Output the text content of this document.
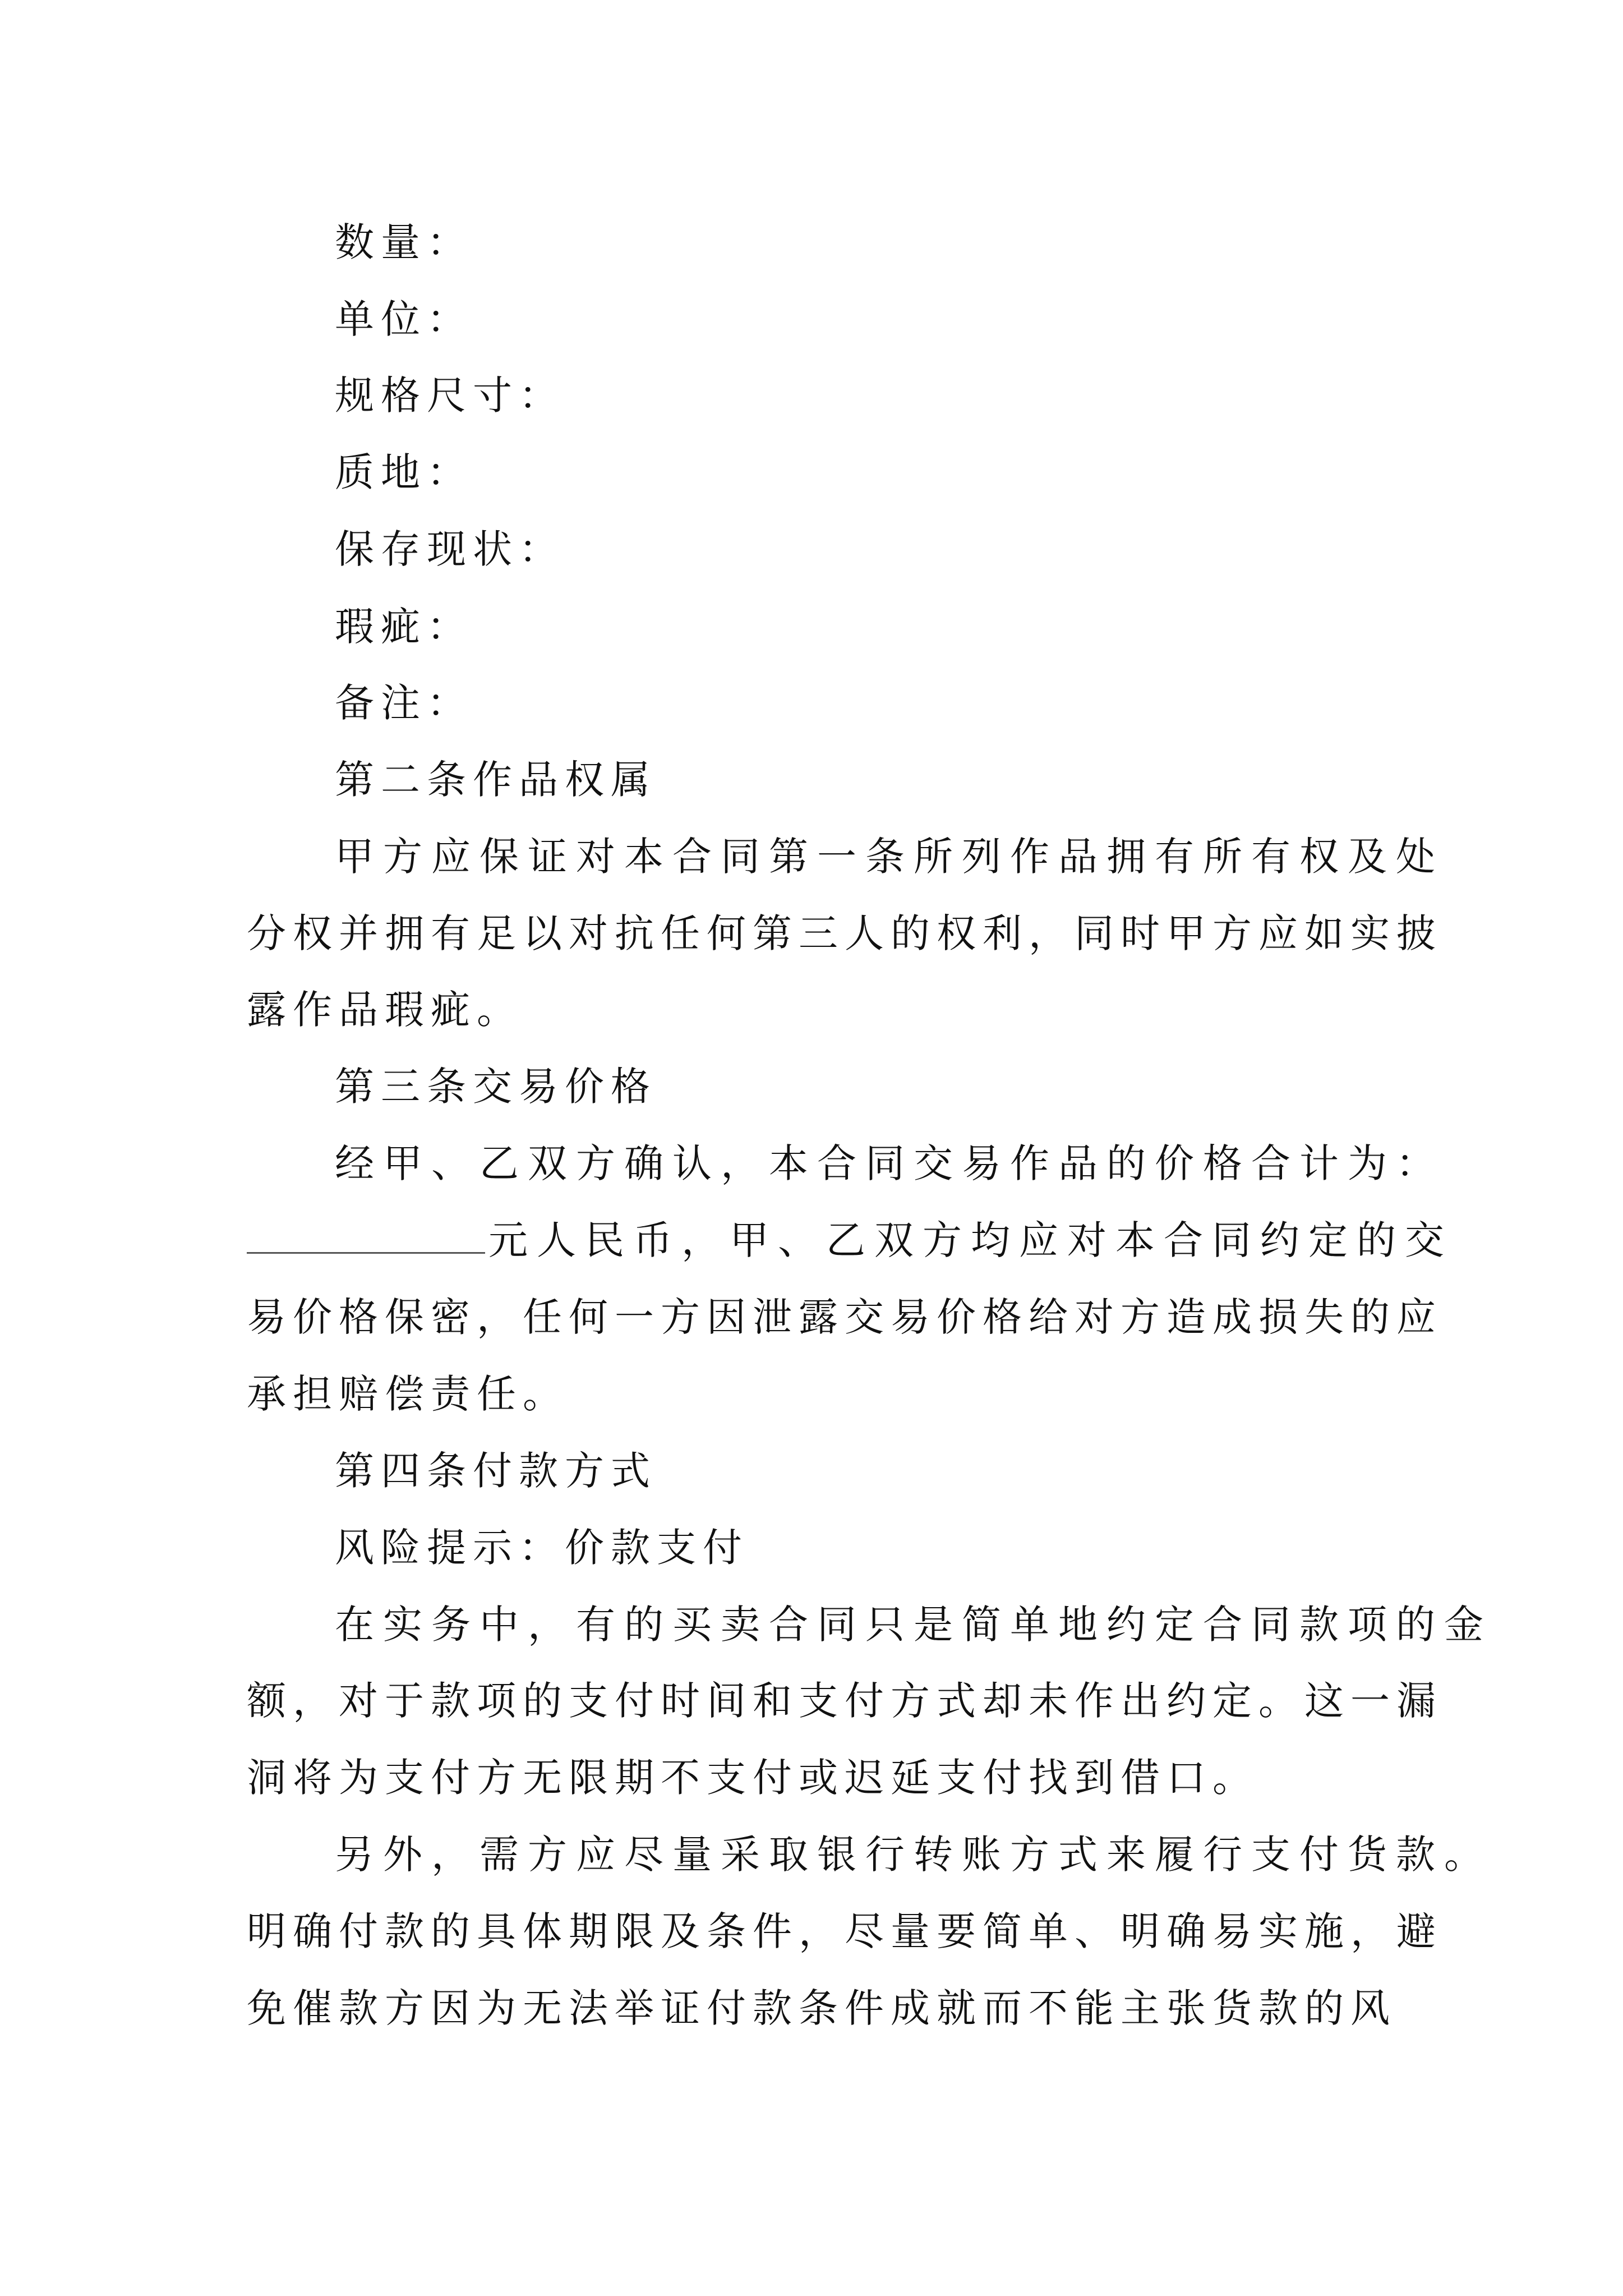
数量：
单位：
规格尺寸：
质地：
保存现状：
瑕疵：
备注：
第二条作品权属
甲方应保证对本合同第一条所列作品拥有所有权及处
分权并拥有足以对抗任何第三人的权利，同时甲方应如实披
露作品瑕疵。
第三条交易价格
经甲、乙双方确认，本合同交易作品的价格合计为：
元人民币，甲、乙双方均应对本合同约定的交
易价格保密，任何一方因泄露交易价格给对方造成损失的应
承担赔偿责任。
第四条付款方式
风险提示：价款支付
在实务中，有的买卖合同只是简单地约定合同款项的金
额，对于款项的支付时间和支付方式却未作出约定。这一漏
洞将为支付方无限期不支付或迟延支付找到借口。
另外，需方应尽量采取银行转账方式来履行支付货款。
明确付款的具体期限及条件，尽量要简单、明确易实施，避
免催款方因为无法举证付款条件成就而不能主张货款的风
